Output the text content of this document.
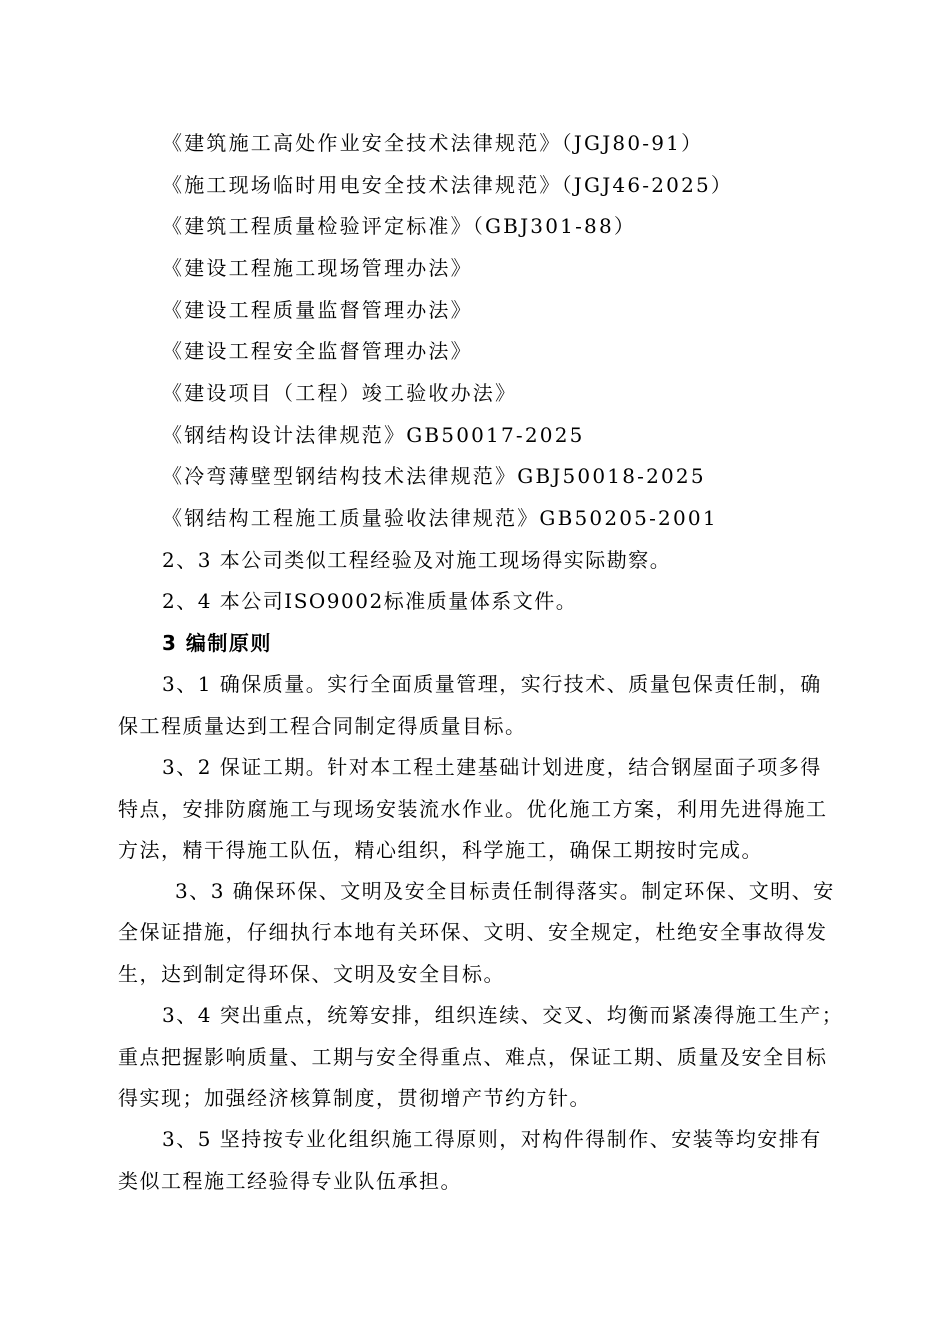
《建筑施工高处作业安全技术法律规范》（JGJ80-91）
《施工现场临时用电安全技术法律规范》（JGJ46-2025）
《建筑工程质量检验评定标准》（GBJ301-88）
《建设工程施工现场管理办法》
《建设工程质量监督管理办法》
《建设工程安全监督管理办法》
《建设项目（工程）竣工验收办法》
《钢结构设计法律规范》GB50017-2025
《冷弯薄壁型钢结构技术法律规范》GBJ50018-2025
《钢结构工程施工质量验收法律规范》GB50205-2001
2、3 本公司类似工程经验及对施工现场得实际勘察。
2、4 本公司ISO9002标准质量体系文件。
3 编制原则
3、1 确保质量。实行全面质量管理，实行技术、质量包保责任制，确
保工程质量达到工程合同制定得质量目标。
3、2 保证工期。针对本工程土建基础计划进度，结合钢屋面子项多得
特点，安排防腐施工与现场安装流水作业。优化施工方案，利用先进得施工
方法，精干得施工队伍，精心组织，科学施工，确保工期按时完成。
3、3 确保环保、文明及安全目标责任制得落实。制定环保、文明、安
全保证措施，仔细执行本地有关环保、文明、安全规定，杜绝安全事故得发
生，达到制定得环保、文明及安全目标。
3、4 突出重点，统筹安排，组织连续、交叉、均衡而紧凑得施工生产；
重点把握影响质量、工期与安全得重点、难点，保证工期、质量及安全目标
得实现；加强经济核算制度，贯彻增产节约方针。
3、5 坚持按专业化组织施工得原则，对构件得制作、安装等均安排有
类似工程施工经验得专业队伍承担。
